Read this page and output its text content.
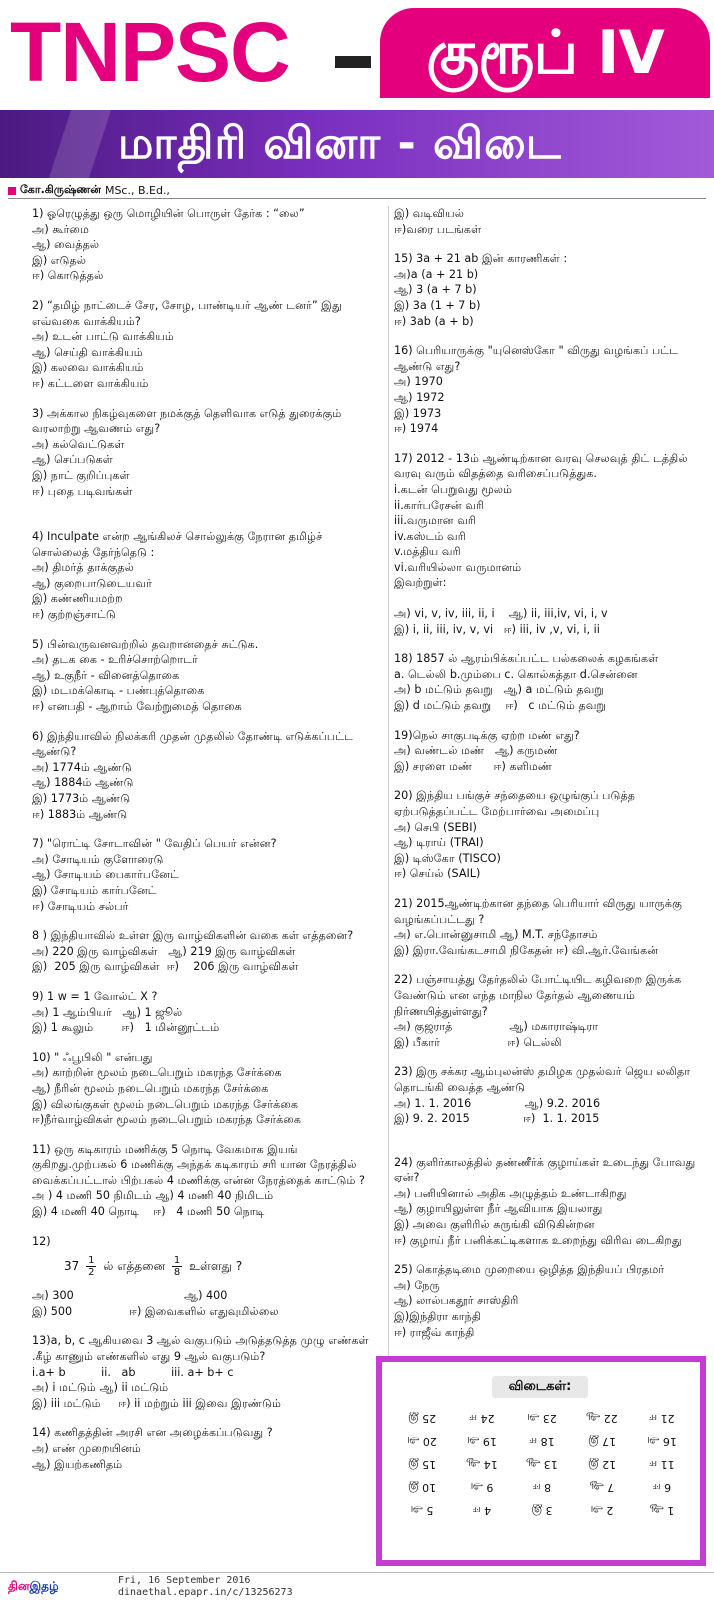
TNPSC	குரூப் IV
மாதிரி வினா - விடை
கோ.கிருஷ்ணன் MSc., B.Ed.,
1) ஓரெழுத்து ஒரு மொழியின் பொருள் தேர்க : “லை”
அ) கூர்மை
ஆ) வைத்தல்
இ) எடுதல்
ஈ) கொடுத்தல்
2) “தமிழ் நாட்டைச் சேர, சோழ, பாண்டியர் ஆண் டனர்” இது எவ்வகை வாக்கியம்?
அ) உடன் பாட்டு வாக்கியம்
ஆ) செய்தி வாக்கியம்
இ) கலவை வாக்கியம்
ஈ) கட்டளை வாக்கியம்
3) அக்கால நிகழ்வுகளை நமக்குத் தெளிவாக எடுத் துரைக்கும் வரலாற்று ஆவணம் எது?
அ) கல்வெட்டுகள்
ஆ) செப்படுகள்
இ) நாட் குறிப்புகள்
ஈ) புதை படிவங்கள்
4) Inculpate என்ற ஆங்கிலச் சொல்லுக்கு நேரான தமிழ்ச் சொல்லைத் தேர்ந்தெடு :
அ) திமர்த் தாக்குதல்
ஆ) குறைபாடுடையவர்
இ) கண்ணியமற்ற
ஈ) குற்றஞ்சாட்டு
5) பின்வருவனவற்றில் தவறானதைச் சுட்டுக.
அ) தடக கை - உரிச்சொற்றொடர்
ஆ) உகுநீர் - வினைத்தொகை
இ) மடமக்கொடி - பண்புத்தொகை
ஈ) எனபதி - ஆறாம் வேற்றுமைத் தொகை
6) இந்தியாவில் நிலக்கரி முதன் முதலில் தோண்டி எடுக்கப்பட்ட ஆண்டு?
அ) 1774ம் ஆண்டு
ஆ) 1884ம் ஆண்டு
இ) 1773ம் ஆண்டு
ஈ) 1883ம் ஆண்டு
7) "ரொட்டி சோடாவின் " வேதிப் பெயர் என்ன?
அ) சோடியம் குளோரைடு
ஆ) சோடியம் பைகார்பனேட்
இ) சோடியம் கார்பனேட்
ஈ) சோடியம் சல்பர்
8 ) இந்தியாவில் உள்ள இரு வாழ்விகளின் வகை கள் எத்தனை?
அ) 220 இரு வாழ்விகள்   ஆ) 219 இரு வாழ்விகள்
இ)  205 இரு வாழ்விகள்  ஈ)    206 இரு வாழ்விகள்
9) 1 w = 1 வோல்ட் X ?
அ) 1 ஆம்பியர்   ஆ) 1 ஜூல்
இ) 1 கூலும்        ஈ)   1 மின்னூட்டம்
10) " ஃபூபிலி " என்பது
அ) காற்றின் மூலம் நடைபெறும் மகரந்த சேர்க்கை
ஆ) நீரின் மூலம் நடைபெறும் மகரந்த சேர்க்கை
இ) விலங்குகள் மூலம் நடைபெறும் மகரந்த சேர்க்கை
ஈ)நீர்வாழ்விகள் மூலம் நடைபெறும் மகரந்த சேர்க்கை
11) ஒரு கடிகாரம் மணிக்கு 5 நொடி வேகமாக இயங் குகிறது.முற்பகல் 6 மணிக்கு அந்தக் கடிகாரம் சரி யான நேரத்தில் வைக்கப்பட்டால் பிற்பகல் 4 மணிக்கு என்ன நேரத்தைக் காட்டும் ?
அ ) 4 மணி 50 நிமிடம் ஆ) 4 மணி 40 நிமிடம்
இ) 4 மணி 40 நொடி    ஈ)   4 மணி 50 நொடி
12)
$37 \frac{1}{2}$ ல் எத்தனை $\frac{1}{8}$ உள்ளது ?
அ) 300                               ஆ) 400
இ) 500                ஈ) இவைகளில் எதுவுமில்லை
13)a, b, c ஆகியவை 3 ஆல் வகுபடும் அடுத்தடுத்த முழு எண்கள் .கீழ் காணும் எண்களில் எது 9 ஆல் வகுபடும்?
i.a+ b          ii.   ab          iii. a+ b+ c
அ) i மட்டும் ஆ) ii மட்டும்
இ) iii மட்டும்     ஈ) ii மற்றும் iii இவை இரண்டும்
14) கணிதத்தின் அரசி என அழைக்கப்படுவது ?
அ) எண் முறையினம்
ஆ) இயற்கணிதம்
இ) வடிவியல்
ஈ)வரை படங்கள்
15) 3a + 21 ab இன் காரணிகள் :
அ)a (a + 21 b)
ஆ) 3 (a + 7 b)
இ) 3a (1 + 7 b)
ஈ) 3ab (a + b)
16) பெரியாருக்கு "யுனெஸ்கோ " விருது வழங்கப் பட்ட ஆண்டு எது?
அ) 1970
ஆ) 1972
இ) 1973
ஈ) 1974
17) 2012 - 13ம் ஆண்டிற்கான வரவு செலவுத் திட் டத்தில் வரவு வரும் விதத்தை வரிசைப்படுத்துக.
i.கடன் பெறுவது மூலம்
ii.கார்பரேசன் வரி
iii.வருமான வரி
iv.கஸ்டம் வரி
v.மத்திய வரி
vi.வரியில்லா வருமானம்
இவற்றுள்:
அ) vi, v, iv, iii, ii, i    ஆ) ii, iii,iv, vi, i, v
இ) i, ii, iii, iv, v, vi   ஈ) iii, iv ,v, vi, i, ii
18) 1857 ல் ஆரம்பிக்கப்பட்ட பல்கலைக் கழகங்கள்
a. டெல்லி b.மும்பை c. கொல்கத்தா d.சென்னை
அ) b மட்டும் தவறு   ஆ) a மட்டும் தவறு
இ) d மட்டும் தவறு    ஈ)   c மட்டும் தவறு
19)நெல் சாகுபடிக்கு ஏற்ற மண் எது?
அ) வண்டல் மண்   ஆ) கருமண்
இ) சரளை மண்      ஈ) களிமண்
20) இந்திய பங்குச் சந்தையை ஒழுங்குப் படுத்த ஏற்படுத்தப்பட்ட மேற்பார்வை அமைப்பு
அ) செபி (SEBI)
ஆ) டிராய் (TRAI)
இ) டிஸ்கோ (TISCO)
ஈ) செய்ல் (SAIL)
21) 2015ஆண்டிற்கான தந்தை பெரியார் விருது யாருக்கு வழங்கப்பட்டது ?
அ) எ.பொன்னுசாமி ஆ) M.T. சந்தோசம்
இ) இரா.வேங்கடசாமி நிகேதன் ஈ) வி.ஆர்.வேங்கன்
22) பஞ்சாயத்து தேர்தலில் போட்டியிட கழிவறை இருக்க வேண்டும் என எந்த மாநில தேர்தல் ஆணையம் நிர்ணயித்துள்ளது?
அ) குஜராத்                ஆ) மகாராஷ்டிரா
இ) பீகார்                   ஈ) டெல்லி
23) இரு சக்கர ஆம்புலன்ஸ் தமிழக முதல்வர் ஜெய லலிதா தொடங்கி வைத்த ஆண்டு
அ) 1. 1. 2016               ஆ) 9.2. 2016
இ) 9. 2. 2015               ஈ)  1. 1. 2015
24) குளிர்காலத்தில் தண்ணீர்க் குழாய்கள் உடைந்து போவது ஏன்?
அ) பனியினால் அதிக அழுத்தம் உண்டாகிறது
ஆ) குழாயிலுள்ள நீர் ஆவியாக இயலாது
இ) அவை குளிரில் சுருங்கி விடுகின்றன
ஈ) குழாய் நீர் பனிக்கட்டிகளாக உறைந்து விரிவ டைகிறது
25) கொத்தடிமை முறையை ஒழித்த இந்தியப் பிரதமர்
அ) நேரு
ஆ) லால்பகதூர் சாஸ்திரி
இ)இந்திரா காந்தி
ஈ) ராஜீவ் காந்தி
விடைகள்:
1 ஆ
2 அ
3 இ
4 ஈ
5 அ
6 ஈ
7 ஆ
8 ஈ
9 அ
10 இ
11 ஈ
12 இ
13 ஆ
14 ஆ
15 இ
16 அ
17 இ
18 ஈ
19 அ
20 அ
21 ஈ
22 ஆ
23 அ
24 ஈ
25 இ
தினஇதழ்	Fri, 16 September 2016
dinaethal.epapr.in/c/13256273
